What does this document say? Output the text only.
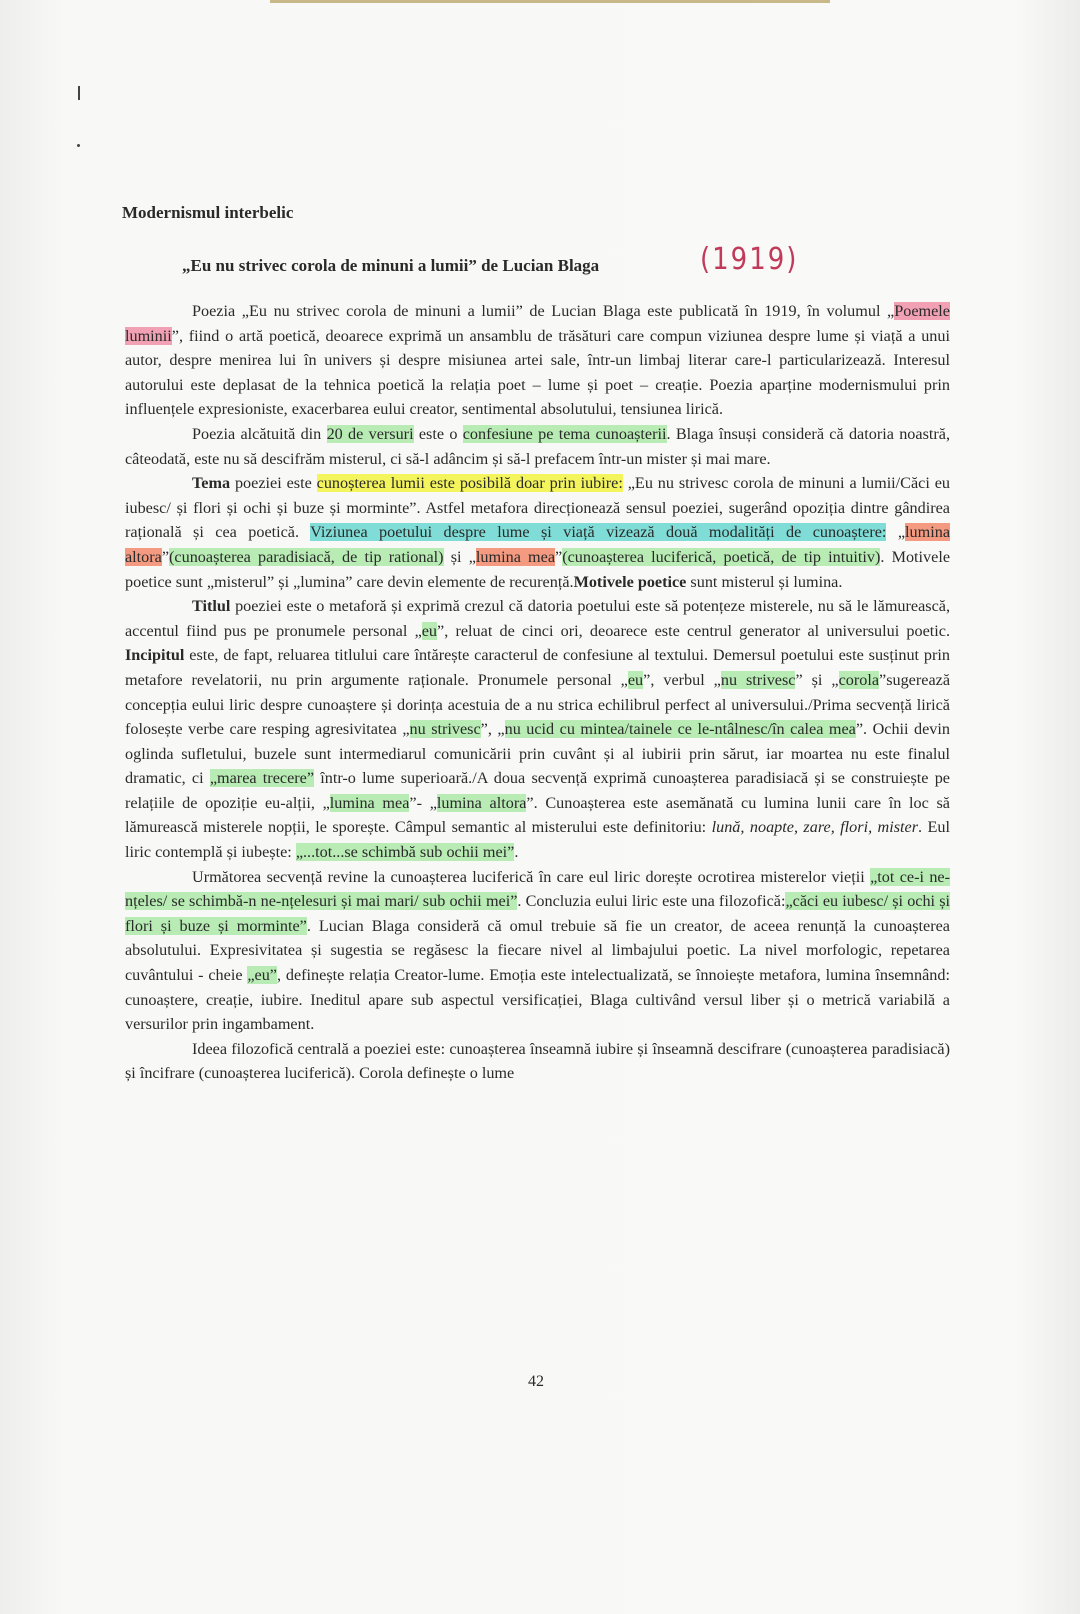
Modernismul interbelic
„Eu nu strivec corola de minuni a lumii” de Lucian Blaga	(1919)

Poezia „Eu nu strivec corola de minuni a lumii” de Lucian Blaga este publicată în 1919, în volumul „Poemele luminii”, fiind o artă poetică, deoarece exprimă un ansamblu de trăsături care compun viziunea despre lume și viață a unui autor, despre menirea lui în univers și despre misiunea artei sale, într-un limbaj literar care-l particularizează. Interesul autorului este deplasat de la tehnica poetică la relația poet – lume și poet – creație. Poezia aparține modernismului prin influențele expresioniste, exacerbarea eului creator, sentimental absolutului, tensiunea lirică.

Poezia alcătuită din 20 de versuri este o confesiune pe tema cunoașterii. Blaga însuși consideră că datoria noastră, câteodată, este nu să descifrăm misterul, ci să-l adâncim și să-l prefacem într-un mister și mai mare.

Tema poeziei este cunoșterea lumii este posibilă doar prin iubire: „Eu nu strivesc corola de minuni a lumii/Căci eu iubesc/ și flori și ochi și buze și morminte”. Astfel metafora direcționează sensul poeziei, sugerând opoziția dintre gândirea rațională și cea poetică. Viziunea poetului despre lume și viață vizează două modalități de cunoaștere: „lumina altora”(cunoașterea paradisiacă, de tip rational) și „lumina mea”(cunoașterea luciferică, poetică, de tip intuitiv). Motivele poetice sunt „misterul” și „lumina” care devin elemente de recurență.Motivele poetice sunt misterul și lumina.

Titlul poeziei este o metaforă și exprimă crezul că datoria poetului este să potențeze misterele, nu să le lămurească, accentul fiind pus pe pronumele personal „eu”, reluat de cinci ori, deoarece este centrul generator al universului poetic. Incipitul este, de fapt, reluarea titlului care întărește caracterul de confesiune al textului. Demersul poetului este susținut prin metafore revelatorii, nu prin argumente raționale. Pronumele personal „eu”, verbul „nu strivesc” și „corola”sugerează concepția eului liric despre cunoaștere și dorința acestuia de a nu strica echilibrul perfect al universului./Prima secvență lirică folosește verbe care resping agresivitatea „nu strivesc”, „nu ucid cu mintea/tainele ce le-ntâlnesc/în calea mea”. Ochii devin oglinda sufletului, buzele sunt intermediarul comunicării prin cuvânt și al iubirii prin sărut, iar moartea nu este finalul dramatic, ci „marea trecere” într-o lume superioară./A doua secvență exprimă cunoașterea paradisiacă și se construiește pe relațiile de opoziție eu-alții, „lumina mea”- „lumina altora”. Cunoașterea este asemănată cu lumina lunii care în loc să lămurească misterele nopții, le sporește. Câmpul semantic al misterului este definitoriu: lună, noapte, zare, flori, mister. Eul liric contemplă și iubește: „...tot...se schimbă sub ochii mei”.

Următorea secvență revine la cunoașterea luciferică în care eul liric dorește ocrotirea misterelor vieții „tot ce-i ne-nțeles/ se schimbă-n ne-nțelesuri și mai mari/ sub ochii mei”. Concluzia eului liric este una filozofică:„căci eu iubesc/ și ochi și flori și buze și morminte”. Lucian Blaga consideră că omul trebuie să fie un creator, de aceea renunță la cunoașterea absolutului. Expresivitatea și sugestia se regăsesc la fiecare nivel al limbajului poetic. La nivel morfologic, repetarea cuvântului - cheie „eu”, definește relația Creator-lume. Emoția este intelectualizată, se înnoiește metafora, lumina însemnând: cunoaștere, creație, iubire. Ineditul apare sub aspectul versificației, Blaga cultivând versul liber și o metrică variabilă a versurilor prin ingambament.

Ideea filozofică centrală a poeziei este: cunoașterea înseamnă iubire și înseamnă descifrare (cunoașterea paradisiacă) și încifrare (cunoașterea luciferică). Corola definește o lume

42
